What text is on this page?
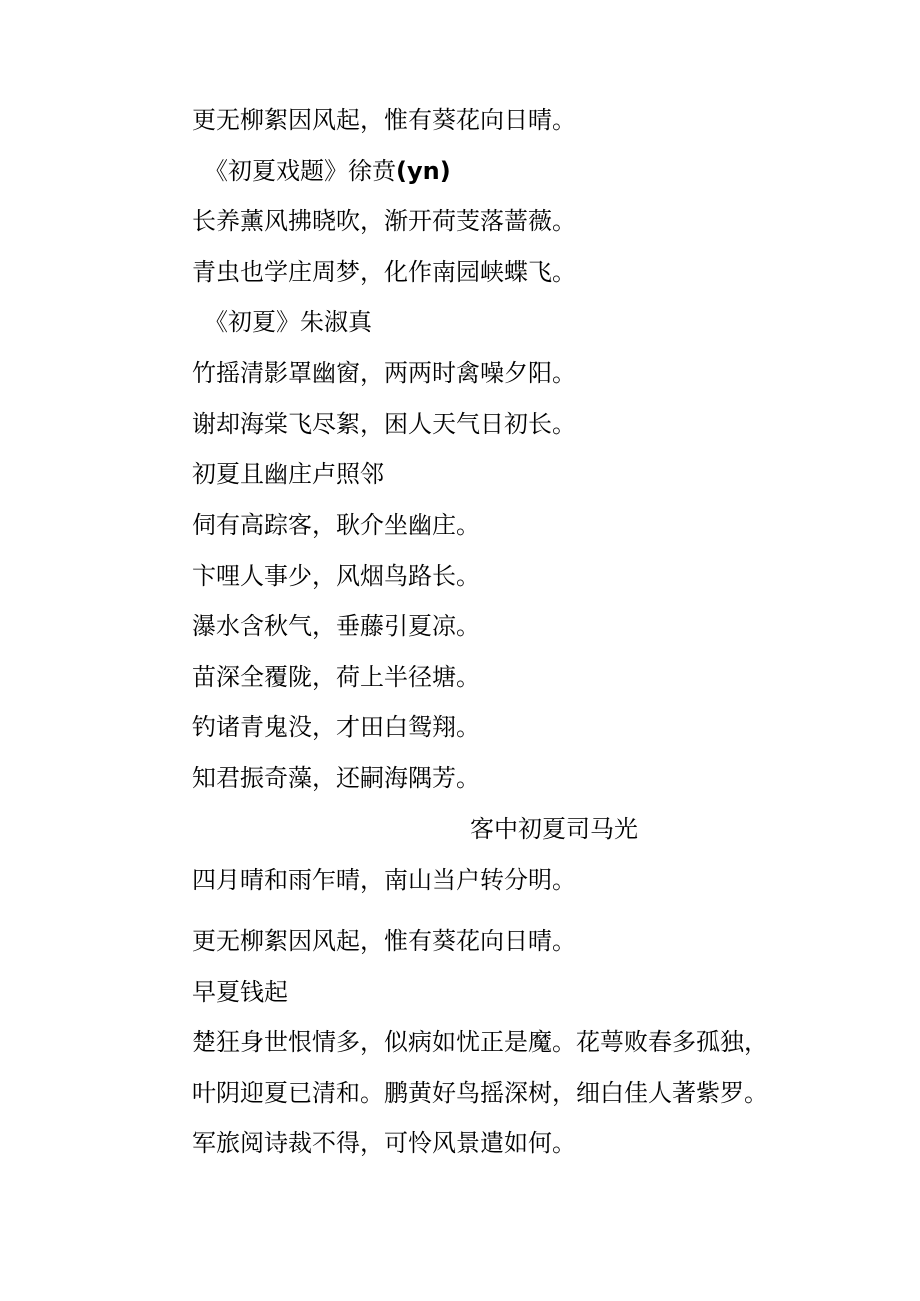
更无柳絮因风起，惟有葵花向日晴。

《初夏戏题》徐贲(yn)

长养薰风拂晓吹，渐开荷芰落蔷薇。

青虫也学庄周梦，化作南园峡蝶飞。

《初夏》朱淑真

竹摇清影罩幽窗，两两时禽噪夕阳。

谢却海棠飞尽絮，困人天气日初长。

初夏且幽庄卢照邻

伺有高踪客，耿介坐幽庄。

卞哩人事少，风烟鸟路长。

瀑水含秋气，垂藤引夏凉。

苗深全覆陇，荷上半径塘。

钓诸青鬼没，才田白鸳翔。

知君振奇藻，还嗣海隅芳。

客中初夏司马光

四月晴和雨乍晴，南山当户转分明。

更无柳絮因风起，惟有葵花向日晴。

早夏钱起

楚狂身世恨情多，似病如忧正是魔。花萼败春多孤独，

叶阴迎夏已清和。鹏黄好鸟摇深树，细白佳人著紫罗。

军旅阅诗裁不得，可怜风景遣如何。
